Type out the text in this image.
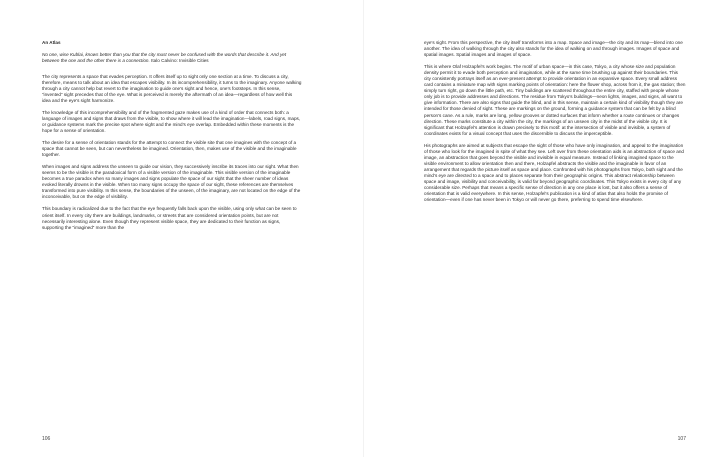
An Atlas
No one, wise Kublai, knows better than you that the city must never be confused with the words that describe it. And yet between the one and the other there is a connection. Italo Calvino: Invisible Cities

The city represents a space that evades perception. It offers itself up to sight only one section at a time. To discuss a city, therefore, means to talk about an idea that escapes visibility. In its incomprehensibility, it turns to the imaginary. Anyone walking through a city cannot help but revert to the imagination to guide one’s sight and hence, one’s footsteps. In this sense, “invented” sight precedes that of the eye. What is perceived is merely the aftermath of an idea—regardless of how well this idea and the eye’s sight harmonize.

The knowledge of this incomprehensibility and of the fragmented gaze makes use of a kind of order that connects both: a language of images and signs that draws from the visible, to show where it will lead the imagination—labels, road signs, maps, or guidance systems mark the precise spot where sight and the mind’s eye overlap. Embedded within these moments is the hope for a sense of orientation.

The desire for a sense of orientation stands for the attempt to connect the visible site that one imagines with the concept of a space that cannot be seen, but can nevertheless be imagined. Orientation, then, makes use of the visible and the imaginable together.

When images and signs address the unseen to guide our vision, they successively inscribe its traces into our sight. What then seems to be the visible is the paradoxical form of a visible version of the imaginable. This visible version of the imaginable becomes a true paradox when so many images and signs populate the space of our sight that the sheer number of ideas evoked literally drowns in the visible. When too many signs occupy the space of our sight, these references are themselves transformed into pure visibility. In this sense, the boundaries of the unseen, of the imaginary, are not located on the edge of the inconceivable, but on the edge of visibility.

This boundary is radicalized due to the fact that the eye frequently falls back upon the visible, using only what can be seen to orient itself. In every city there are buildings, landmarks, or streets that are considered orientation points, but are not necessarily interesting alone. Even though they represent visible space, they are dedicated to their function as signs, supporting the “imagined” more than the

106

eye’s sight. From this perspective, the city itself transforms into a map. Space and image—the city and its map—blend into one another. The idea of walking through the city also stands for the idea of walking on and through images. Images of space and spatial images. Spatial images and images of space.

This is where Olaf Holzapfel’s work begins. The motif of urban space—in this case, Tokyo, a city whose size and population density permit it to evade both perception and imagination, while at the same time brushing up against their boundaries. This city consistently portrays itself as an ever-present attempt to provide orientation in an expansive space. Every small address card contains a miniature map with signs marking points of orientation: here the flower shop, across from it, the gas station; then simply turn right, go down the little path, etc. Tiny buildings are scattered throughout the entire city, staffed with people whose only job is to provide addresses and directions. The residue from Tokyo’s buildings—neon lights, images, and signs, all want to give information. There are also signs that guide the blind, and in this sense, maintain a certain kind of visibility though they are intended for those denied of sight. These are markings on the ground, forming a guidance system that can be felt by a blind person’s cane. As a rule, marks are long, yellow grooves or dotted surfaces that inform whether a route continues or changes direction. These marks constitute a city within the city, the markings of an unseen city in the midst of the visible city. It is significant that Holzapfel’s attention is drawn precisely to this motif: at the intersection of visible and invisible, a system of coordinates exists for a visual concept that uses the discernible to discuss the imperceptible.

His photographs are aimed at subjects that escape the sight of those who have only imagination, and appeal to the imagination of those who look for the imagined in spite of what they see. Left over from these orientation aids is an abstraction of space and image, an abstraction that goes beyond the visible and invisible in equal measure. Instead of linking imagined space to the visible environment to allow orientation then and there, Holzapfel abstracts the visible and the imaginable in favor of an arrangement that regards the picture itself as space and place. Confronted with his photographs from Tokyo, both sight and the mind’s eye are directed to a space and to places separate from their geographic origins. This abstract relationship between space and image, visibility and conceivability, is valid far beyond geographic coordinates. This Tokyo exists in every city of any considerable size. Perhaps that means a specific sense of direction in any one place is lost, but it also offers a sense of orientation that is valid everywhere. In this sense, Holzapfel’s publication is a kind of atlas that also holds the promise of orientation—even if one has never been in Tokyo or will never go there, preferring to spend time elsewhere.

107
